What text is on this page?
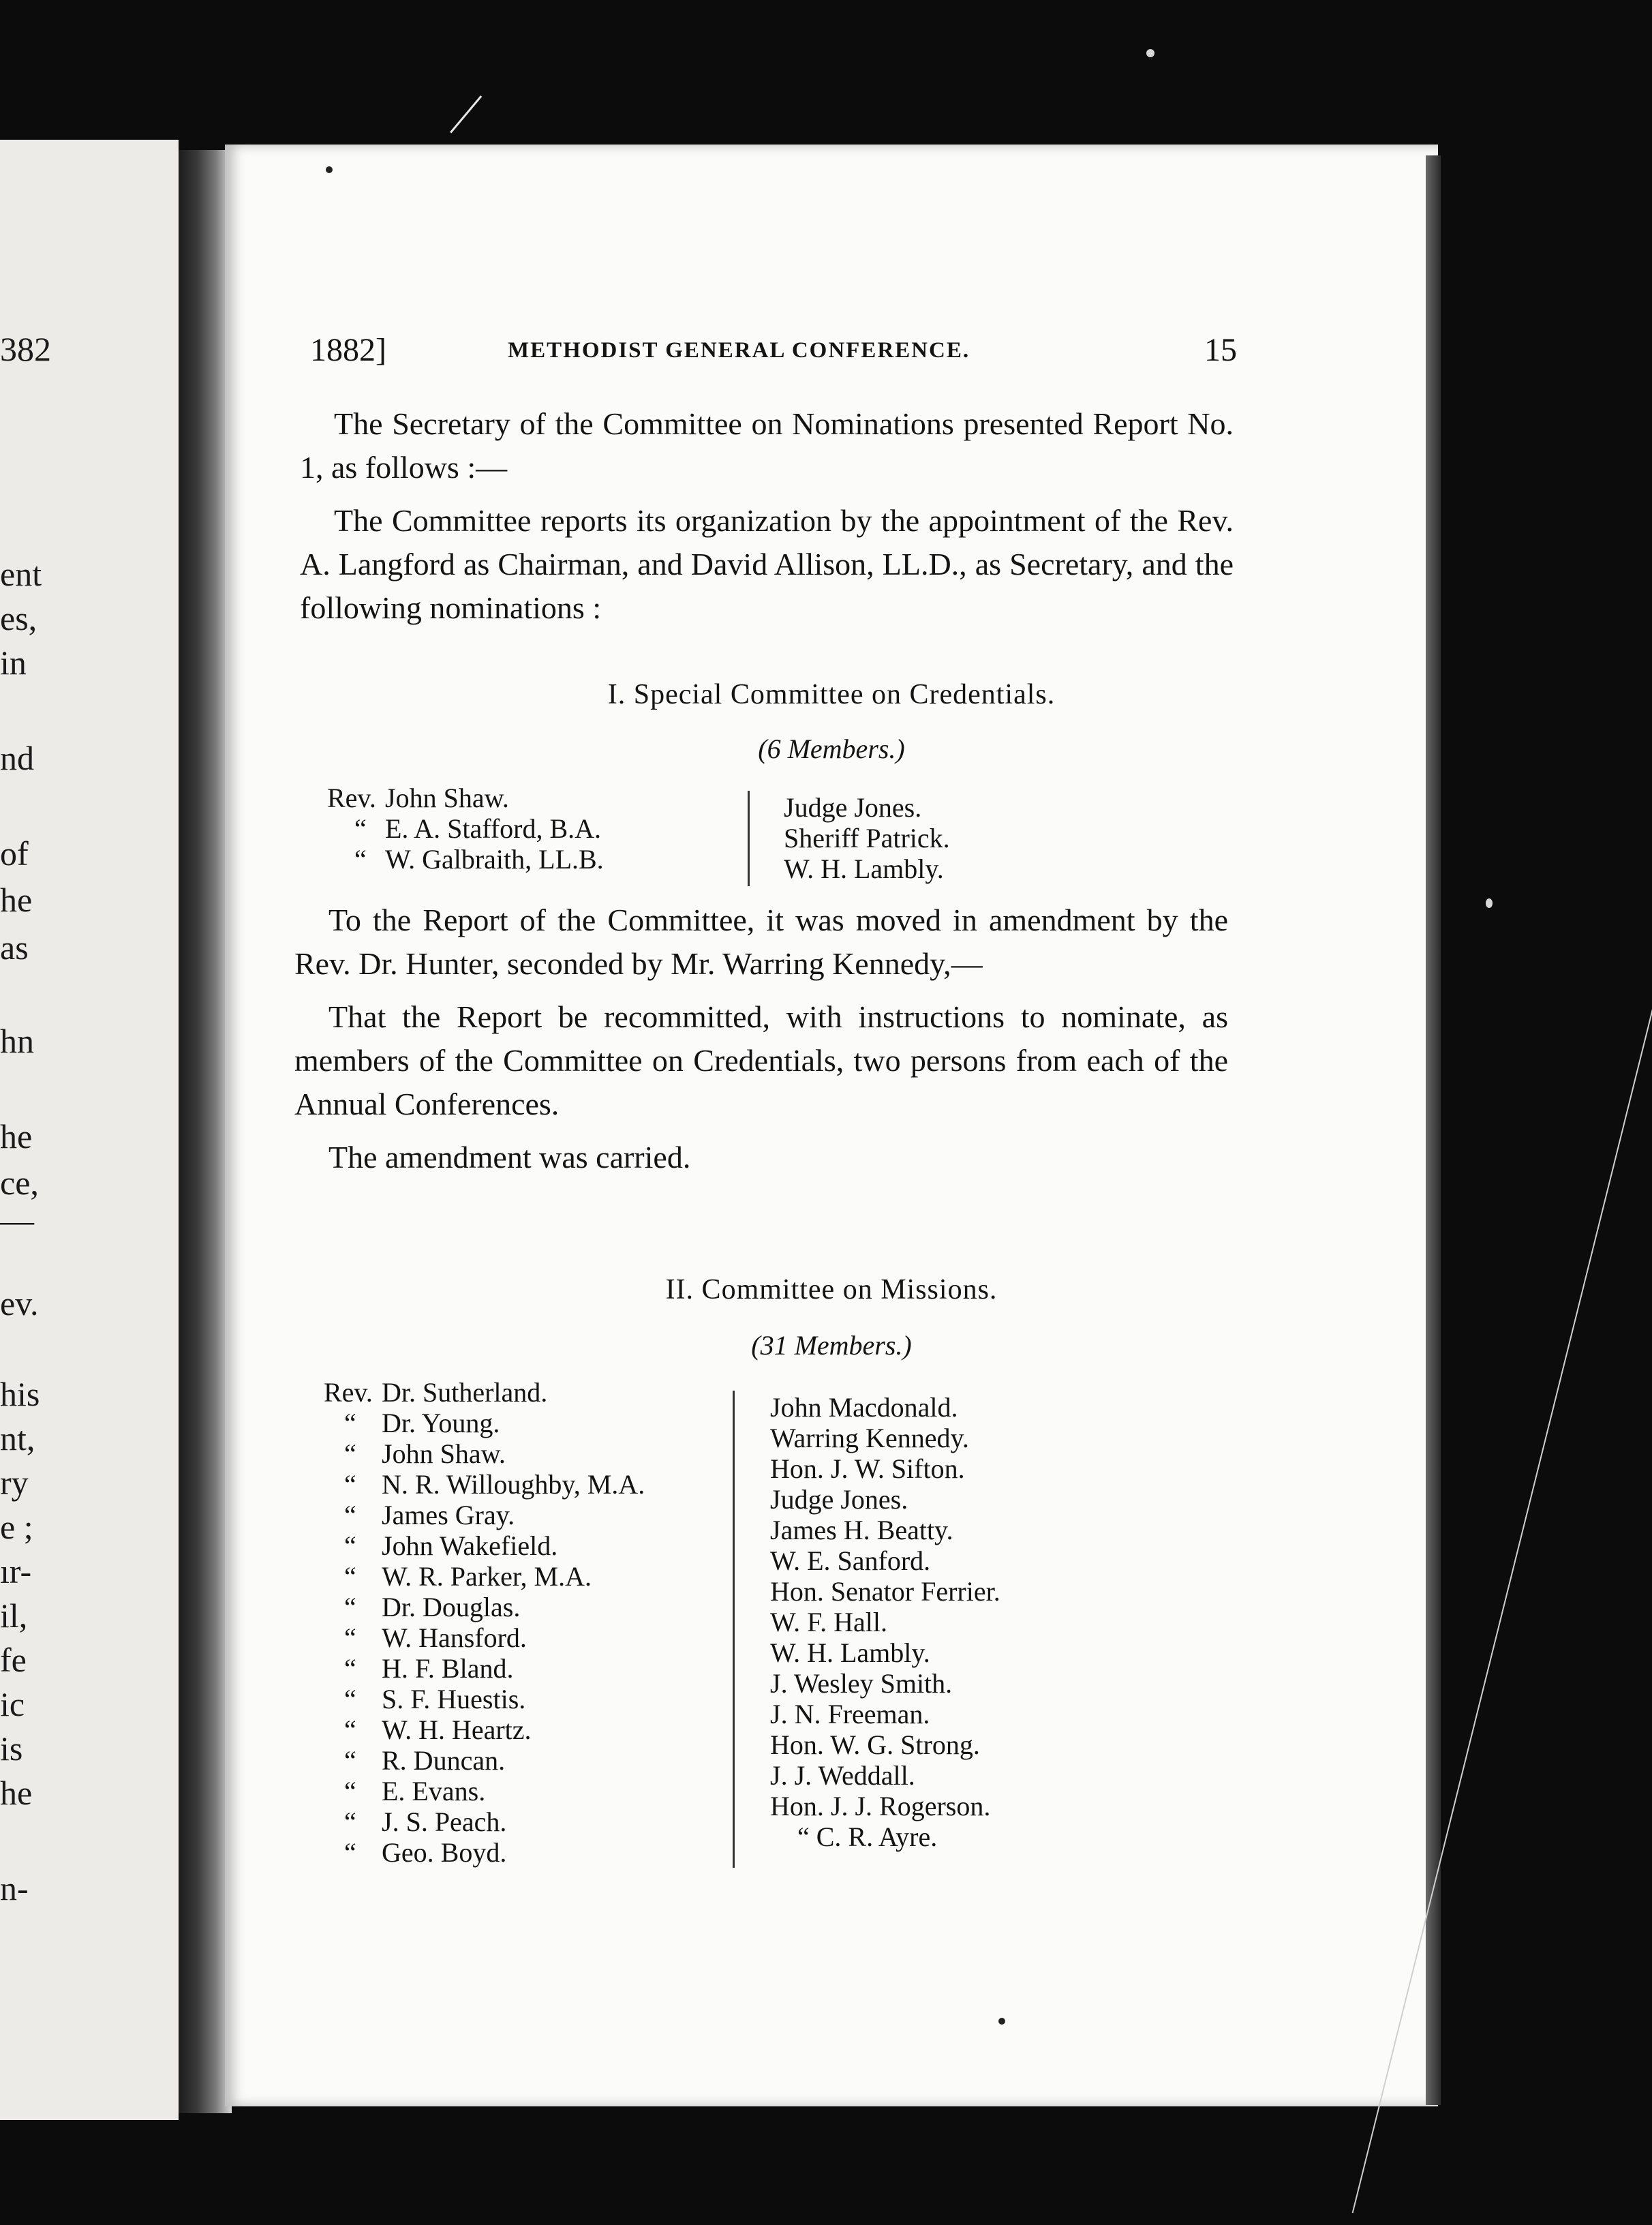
382
ent
es,
in
nd
of
he
as
hn
he
ce,
—
ev.
his
nt,
ry
e ;
ır-
il,
fe
ic
is
he
n-
1882]	METHODIST GENERAL CONFERENCE.	15

The Secretary of the Committee on Nominations presented Report No. 1, as follows :—

The Committee reports its organization by the appointment of the Rev. A. Langford as Chairman, and David Allison, LL.D., as Secretary, and the following nominations :

I. Special Committee on Credentials.
(6 Members.)
Rev. John Shaw.
“ E. A. Stafford, B.A.
“ W. Galbraith, LL.B.
Judge Jones.
Sheriff Patrick.
W. H. Lambly.

To the Report of the Committee, it was moved in amendment by the Rev. Dr. Hunter, seconded by Mr. Warring Kennedy,—

That the Report be recommitted, with instructions to nominate, as members of the Committee on Credentials, two persons from each of the Annual Conferences.

The amendment was carried.

II. Committee on Missions.
(31 Members.)
Rev. Dr. Sutherland.
“ Dr. Young.
“ John Shaw.
“ N. R. Willoughby, M.A.
“ James Gray.
“ John Wakefield.
“ W. R. Parker, M.A.
“ Dr. Douglas.
“ W. Hansford.
“ H. F. Bland.
“ S. F. Huestis.
“ W. H. Heartz.
“ R. Duncan.
“ E. Evans.
“ J. S. Peach.
“ Geo. Boyd.
John Macdonald.
Warring Kennedy.
Hon. J. W. Sifton.
Judge Jones.
James H. Beatty.
W. E. Sanford.
Hon. Senator Ferrier.
W. F. Hall.
W. H. Lambly.
J. Wesley Smith.
J. N. Freeman.
Hon. W. G. Strong.
J. J. Weddall.
Hon. J. J. Rogerson.
“ C. R. Ayre.
